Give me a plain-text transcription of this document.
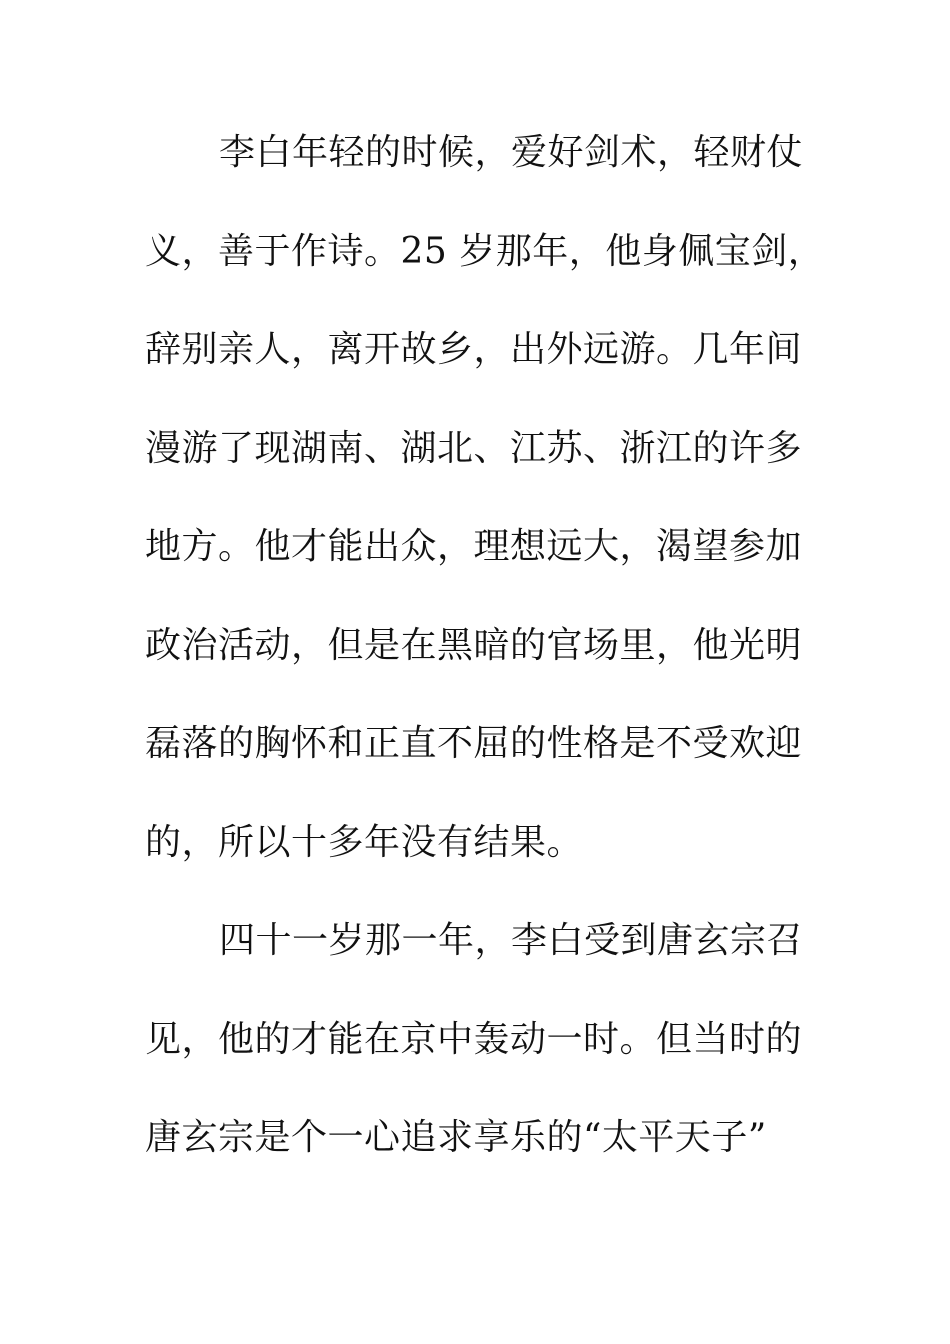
李白年轻的时候，爱好剑术，轻财仗
义，善于作诗。25 岁那年，他身佩宝剑，
辞别亲人，离开故乡，出外远游。几年间
漫游了现湖南、湖北、江苏、浙江的许多
地方。他才能出众，理想远大，渴望参加
政治活动，但是在黑暗的官场里，他光明
磊落的胸怀和正直不屈的性格是不受欢迎
的，所以十多年没有结果。
四十一岁那一年，李白受到唐玄宗召
见，他的才能在京中轰动一时。但当时的
唐玄宗是个一心追求享乐的“太平天子”
